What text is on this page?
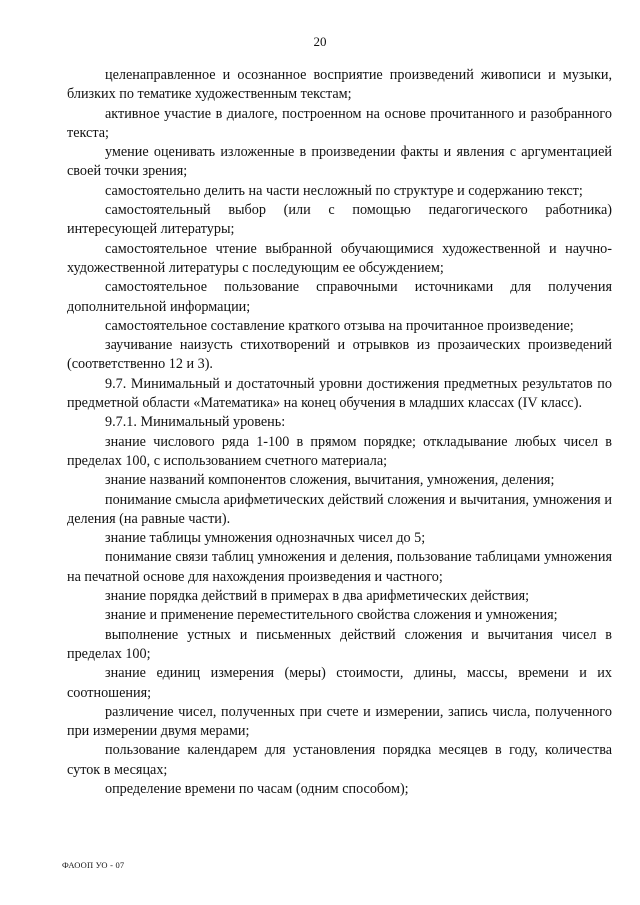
20

целенаправленное и осознанное восприятие произведений живописи и музыки, близких по тематике художественным текстам;

активное участие в диалоге, построенном на основе прочитанного и разобранного текста;

умение оценивать изложенные в произведении факты и явления с аргументацией своей точки зрения;

самостоятельно делить на части несложный по структуре и содержанию текст;

самостоятельный выбор (или с помощью педагогического работника) интересующей литературы;

самостоятельное чтение выбранной обучающимися художественной и научно-художественной литературы с последующим ее обсуждением;

самостоятельное пользование справочными источниками для получения дополнительной информации;

самостоятельное составление краткого отзыва на прочитанное произведение;

заучивание наизусть стихотворений и отрывков из прозаических произведений (соответственно 12 и 3).

9.7. Минимальный и достаточный уровни достижения предметных результатов по предметной области «Математика» на конец обучения в младших классах (IV класс).

9.7.1. Минимальный уровень:

знание числового ряда 1-100 в прямом порядке; откладывание любых чисел в пределах 100, с использованием счетного материала;

знание названий компонентов сложения, вычитания, умножения, деления;

понимание смысла арифметических действий сложения и вычитания, умножения и деления (на равные части).

знание таблицы умножения однозначных чисел до 5;

понимание связи таблиц умножения и деления, пользование таблицами умножения на печатной основе для нахождения произведения и частного;

знание порядка действий в примерах в два арифметических действия;

знание и применение переместительного свойства сложения и умножения;

выполнение устных и письменных действий сложения и вычитания чисел в пределах 100;

знание единиц измерения (меры) стоимости, длины, массы, времени и их соотношения;

различение чисел, полученных при счете и измерении, запись числа, полученного при измерении двумя мерами;

пользование календарем для установления порядка месяцев в году, количества суток в месяцах;

определение времени по часам (одним способом);

ФАООП УО - 07
